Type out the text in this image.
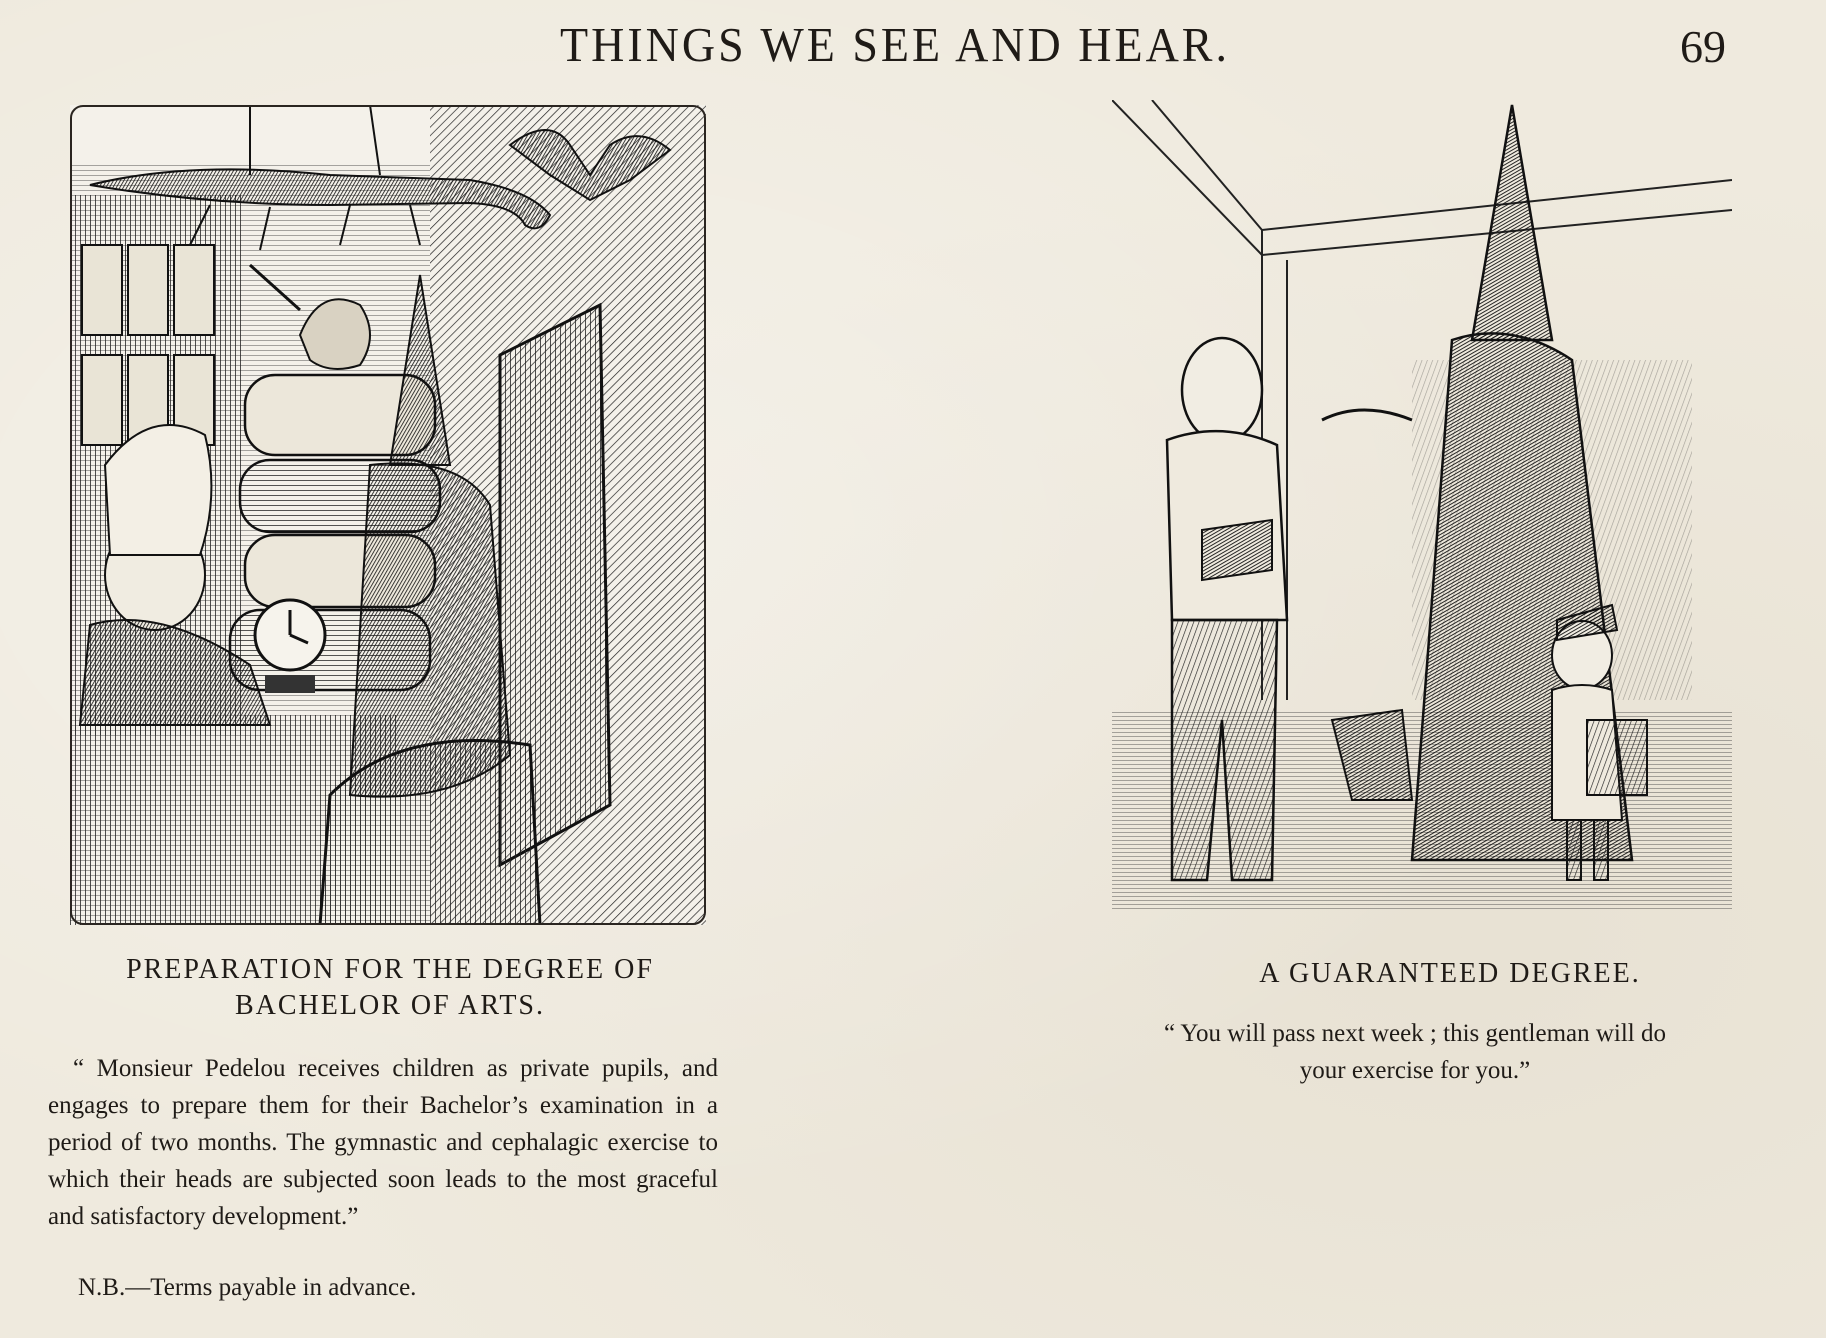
THINGS WE SEE AND HEAR.	69
PREPARATION FOR THE DEGREE OF
BACHELOR OF ARTS.
“ Monsieur Pedelou receives children as private pupils, and engages to prepare them for their Bachelor’s examination in a period of two months. The gymnastic and cephalagic exercise to which their heads are subjected soon leads to the most graceful and satisfactory development.”
N.B.—Terms payable in advance.
A GUARANTEED DEGREE.
“ You will pass next week ; this gentleman will do
your exercise for you.”
